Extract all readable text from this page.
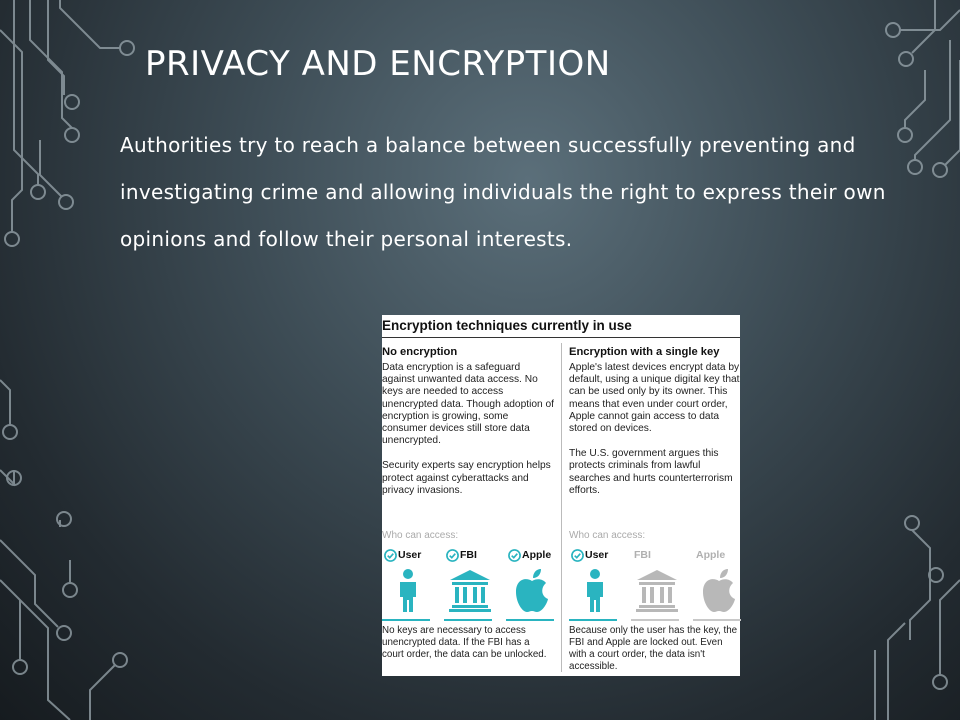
PRIVACY AND ENCRYPTION

Authorities try to reach a balance between successfully preventing and investigating crime and allowing individuals the right to express their own opinions and follow their personal interests.

Encryption techniques currently in use

No encryption

Data encryption is a safeguard against unwanted data access. No keys are needed to access unencrypted data. Though adoption of encryption is growing, some consumer devices still store data unencrypted.

Security experts say encryption helps protect against cyberattacks and privacy invasions.

Encryption with a single key

Apple's latest devices encrypt data by default, using a unique digital key that can be used only by its owner. This means that even under court order, Apple cannot gain access to data stored on devices.

The U.S. government argues this protects criminals from lawful searches and hurts counterterrorism efforts.

Who can access:	Who can access:
User	FBI	Apple	User FBI	Apple

No keys are necessary to access unencrypted data. If the FBI has a court order, the data can be unlocked.

Because only the user has the key, the FBI and Apple are locked out. Even with a court order, the data isn't accessible.
